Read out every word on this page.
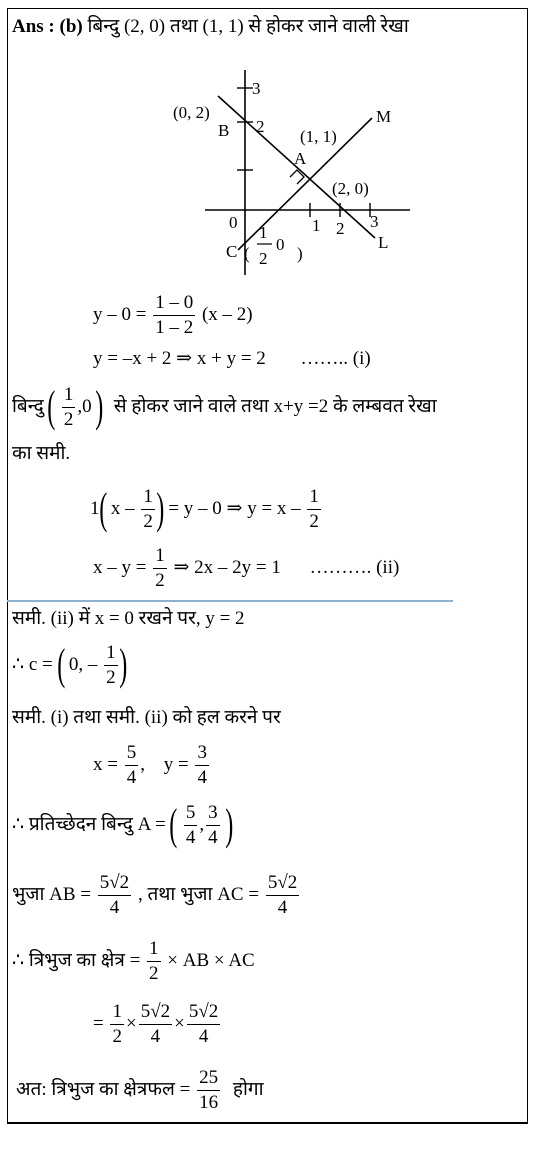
Ans : (b) बिन्दु (2, 0) तथा (1, 1) से होकर जाने वाली रेखा
3
2
(0, 2)
B	(1, 1)
M
A
(2, 0)
0	1 2 3
C	L
(
1
2
0 )
$y - 0 = \frac{1 - 0}{1 - 2} (x - 2)$
y = –x + 2 ⇒ x + y = 2 …….. (i)
बिन्दु ( $\frac{1}{2} ,0$ ) से होकर जाने वाले तथा x+y =2 के लम्बवत रेखा
का समी.
1( x – $\frac{1}{2}$ ) = y – 0 ⇒ $y = x - \frac{1}{2}$
$x - y = \frac{1}{2}$ ⇒ 2x – 2y = 1 ………. (ii)
समी. (ii) में x = 0 रखने पर, y = 2
∴ c = ( 0, – $\frac{1}{2}$ )
समी. (i) तथा समी. (ii) को हल करने पर
$x = \frac{5}{4}$ , $y = \frac{3}{4}$
∴ प्रतिच्छेदन बिन्दु A = ( $\frac{5}{4}$ , $\frac{3}{4}$ )
भुजा AB = $\frac{5√2}{4}$ , तथा भुजा AC = $\frac{5√2}{4}$
∴ त्रिभुज का क्षेत्र = $\frac{1}{2}$ × AB × AC
= $\frac{1}{2} \times \frac{5√2}{4} \times \frac{5√2}{4}$
अत: त्रिभुज का क्षेत्रफल = $\frac{25}{16}$ होगा
